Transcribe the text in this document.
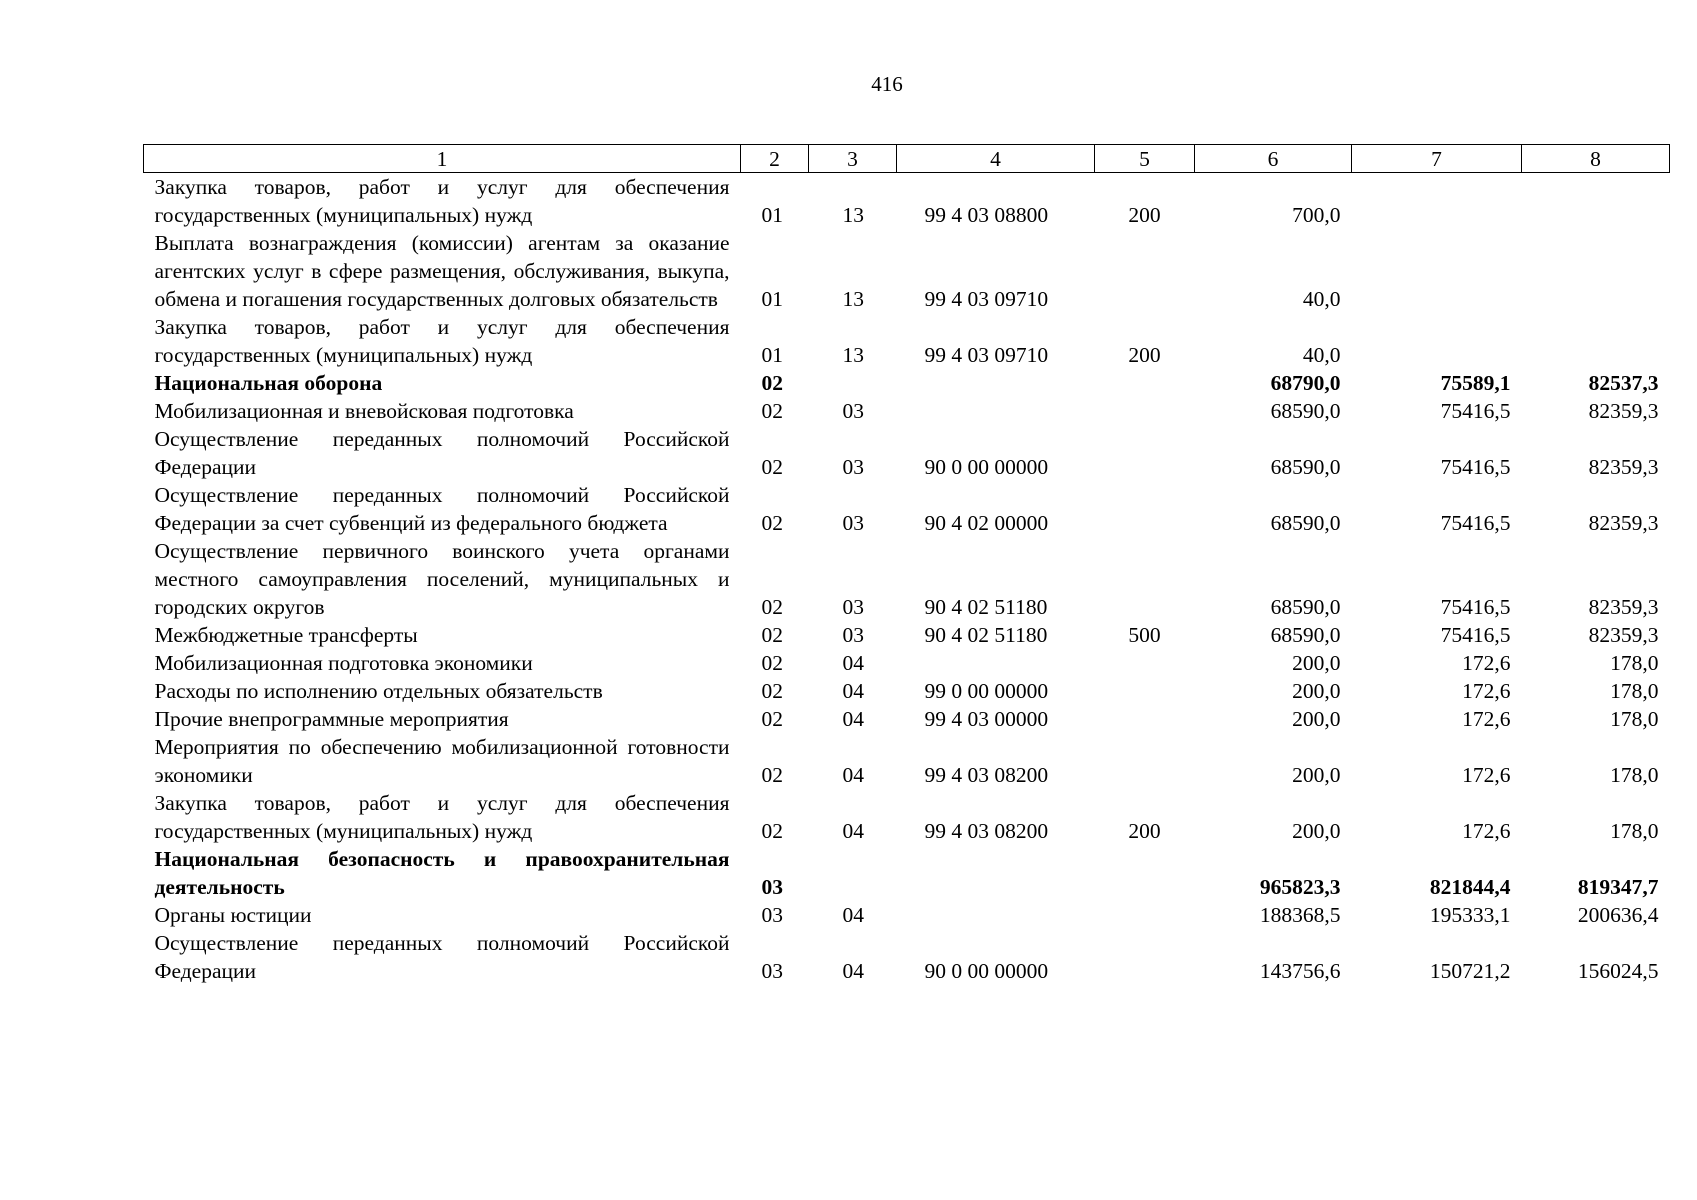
416
1	2	3	4	5	6	7	8
Закупка товаров, работ и услуг для обеспечения государственных (муниципальных) нужд	01	13	99 4 03 08800	200	700,0		
Выплата вознаграждения (комиссии) агентам за оказание агентских услуг в сфере размещения, обслуживания, выкупа, обмена и погашения государственных долговых обязательств	01	13	99 4 03 09710		40,0		
Закупка товаров, работ и услуг для обеспечения государственных (муниципальных) нужд	01	13	99 4 03 09710	200	40,0		
Национальная оборона	02				68790,0	75589,1	82537,3
Мобилизационная и вневойсковая подготовка	02	03			68590,0	75416,5	82359,3
Осуществление переданных полномочий Российской Федерации	02	03	90 0 00 00000		68590,0	75416,5	82359,3
Осуществление переданных полномочий Российской Федерации за счет субвенций из федерального бюджета	02	03	90 4 02 00000		68590,0	75416,5	82359,3
Осуществление первичного воинского учета органами местного самоуправления поселений, муниципальных и городских округов	02	03	90 4 02 51180		68590,0	75416,5	82359,3
Межбюджетные трансферты	02	03	90 4 02 51180	500	68590,0	75416,5	82359,3
Мобилизационная подготовка экономики	02	04			200,0	172,6	178,0
Расходы по исполнению отдельных обязательств	02	04	99 0 00 00000		200,0	172,6	178,0
Прочие внепрограммные мероприятия	02	04	99 4 03 00000		200,0	172,6	178,0
Мероприятия по обеспечению мобилизационной готовности экономики	02	04	99 4 03 08200		200,0	172,6	178,0
Закупка товаров, работ и услуг для обеспечения государственных (муниципальных) нужд	02	04	99 4 03 08200	200	200,0	172,6	178,0
Национальная безопасность и правоохранительная деятельность	03				965823,3	821844,4	819347,7
Органы юстиции	03	04			188368,5	195333,1	200636,4
Осуществление переданных полномочий Российской Федерации	03	04	90 0 00 00000		143756,6	150721,2	156024,5
